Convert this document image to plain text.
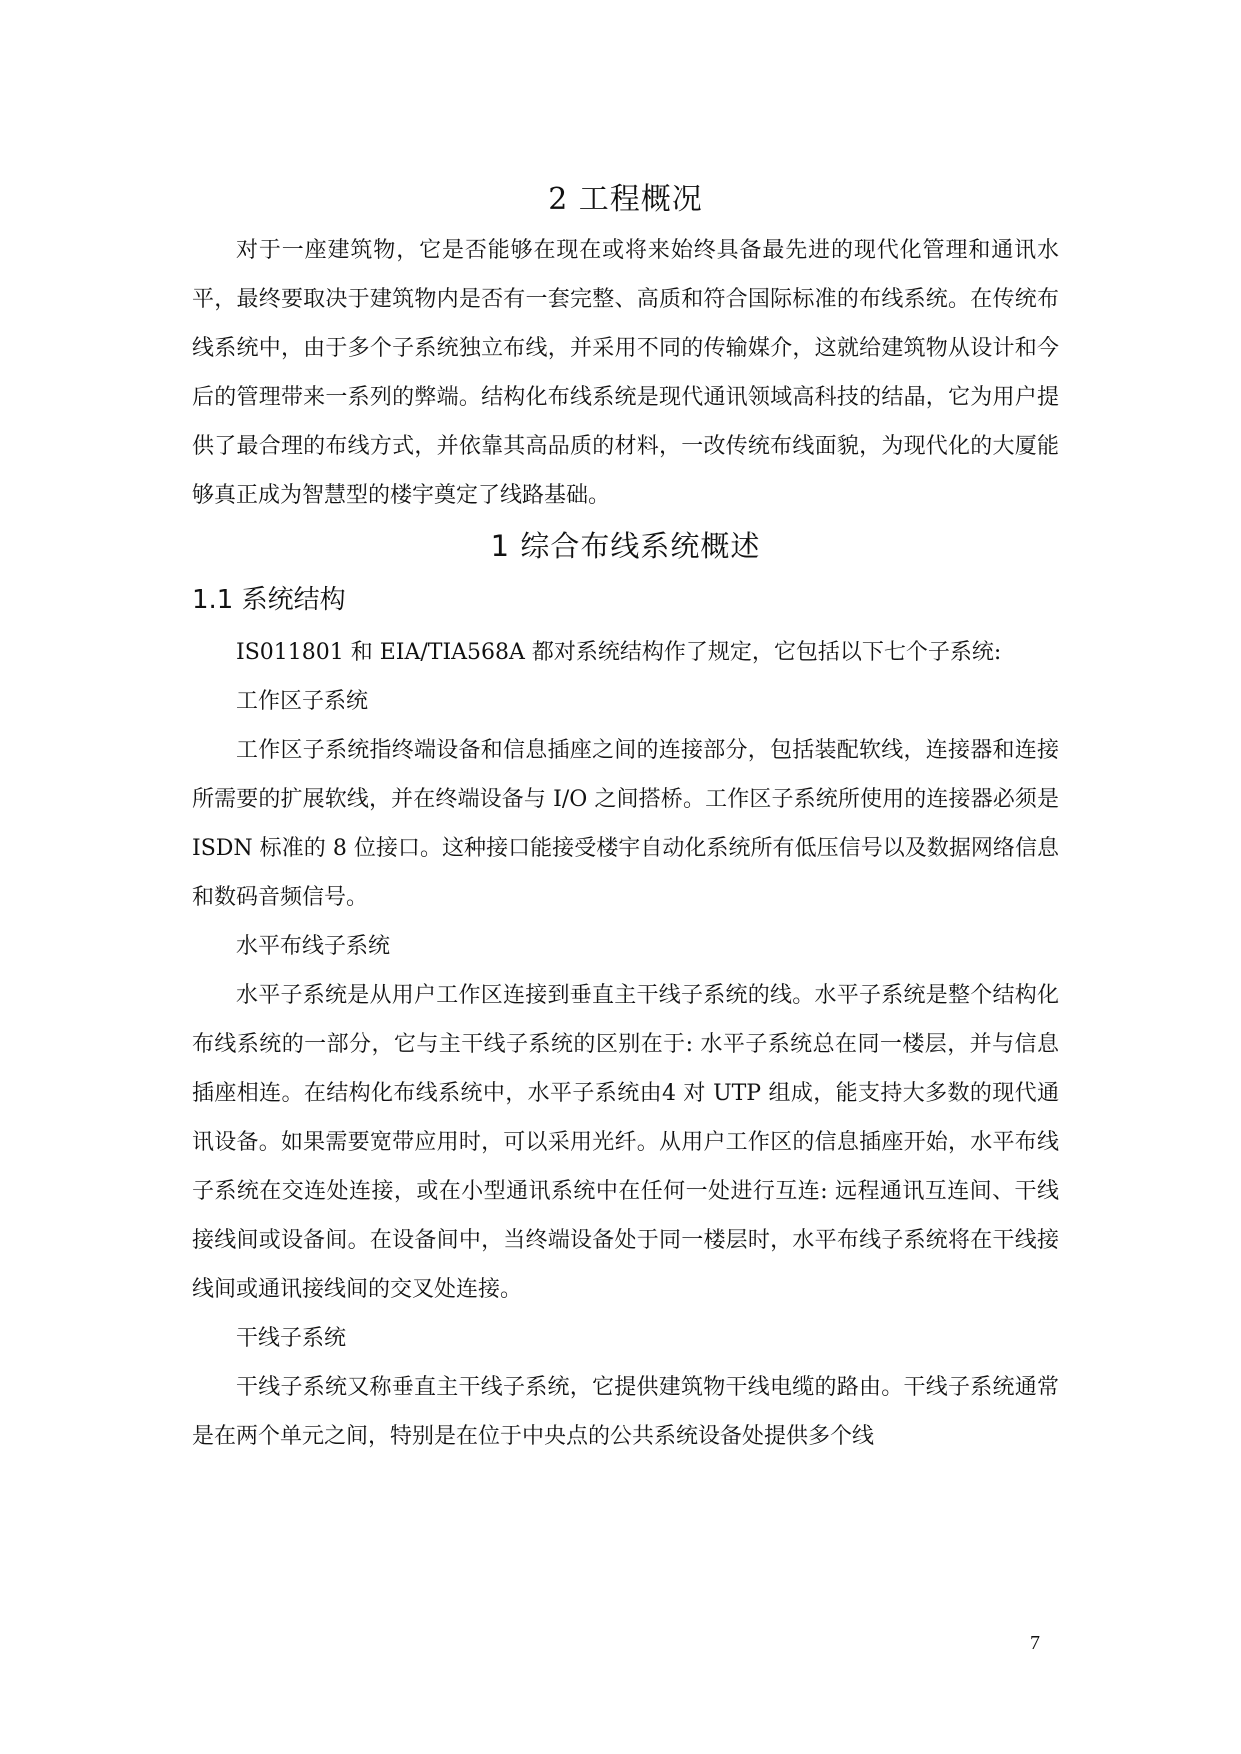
2 工程概况

对于一座建筑物，它是否能够在现在或将来始终具备最先进的现代化管理和通讯水平，最终要取决于建筑物内是否有一套完整、高质和符合国际标准的布线系统。在传统布线系统中，由于多个子系统独立布线，并采用不同的传输媒介，这就给建筑物从设计和今后的管理带来一系列的弊端。结构化布线系统是现代通讯领域高科技的结晶，它为用户提供了最合理的布线方式，并依靠其高品质的材料，一改传统布线面貌，为现代化的大厦能够真正成为智慧型的楼宇奠定了线路基础。

1 综合布线系统概述
1.1 系统结构

IS011801 和 EIA/TIA568A 都对系统结构作了规定，它包括以下七个子系统:

工作区子系统

工作区子系统指终端设备和信息插座之间的连接部分，包括装配软线，连接器和连接所需要的扩展软线，并在终端设备与 I/O 之间搭桥。工作区子系统所使用的连接器必须是 ISDN 标准的 8 位接口。这种接口能接受楼宇自动化系统所有低压信号以及数据网络信息和数码音频信号。

水平布线子系统

水平子系统是从用户工作区连接到垂直主干线子系统的线。水平子系统是整个结构化布线系统的一部分，它与主干线子系统的区别在于: 水平子系统总在同一楼层，并与信息插座相连。在结构化布线系统中，水平子系统由4 对 UTP 组成，能支持大多数的现代通讯设备。如果需要宽带应用时，可以采用光纤。从用户工作区的信息插座开始，水平布线子系统在交连处连接，或在小型通讯系统中在任何一处进行互连: 远程通讯互连间、干线接线间或设备间。在设备间中，当终端设备处于同一楼层时，水平布线子系统将在干线接线间或通讯接线间的交叉处连接。

干线子系统

干线子系统又称垂直主干线子系统，它提供建筑物干线电缆的路由。干线子系统通常是在两个单元之间，特别是在位于中央点的公共系统设备处提供多个线

7
